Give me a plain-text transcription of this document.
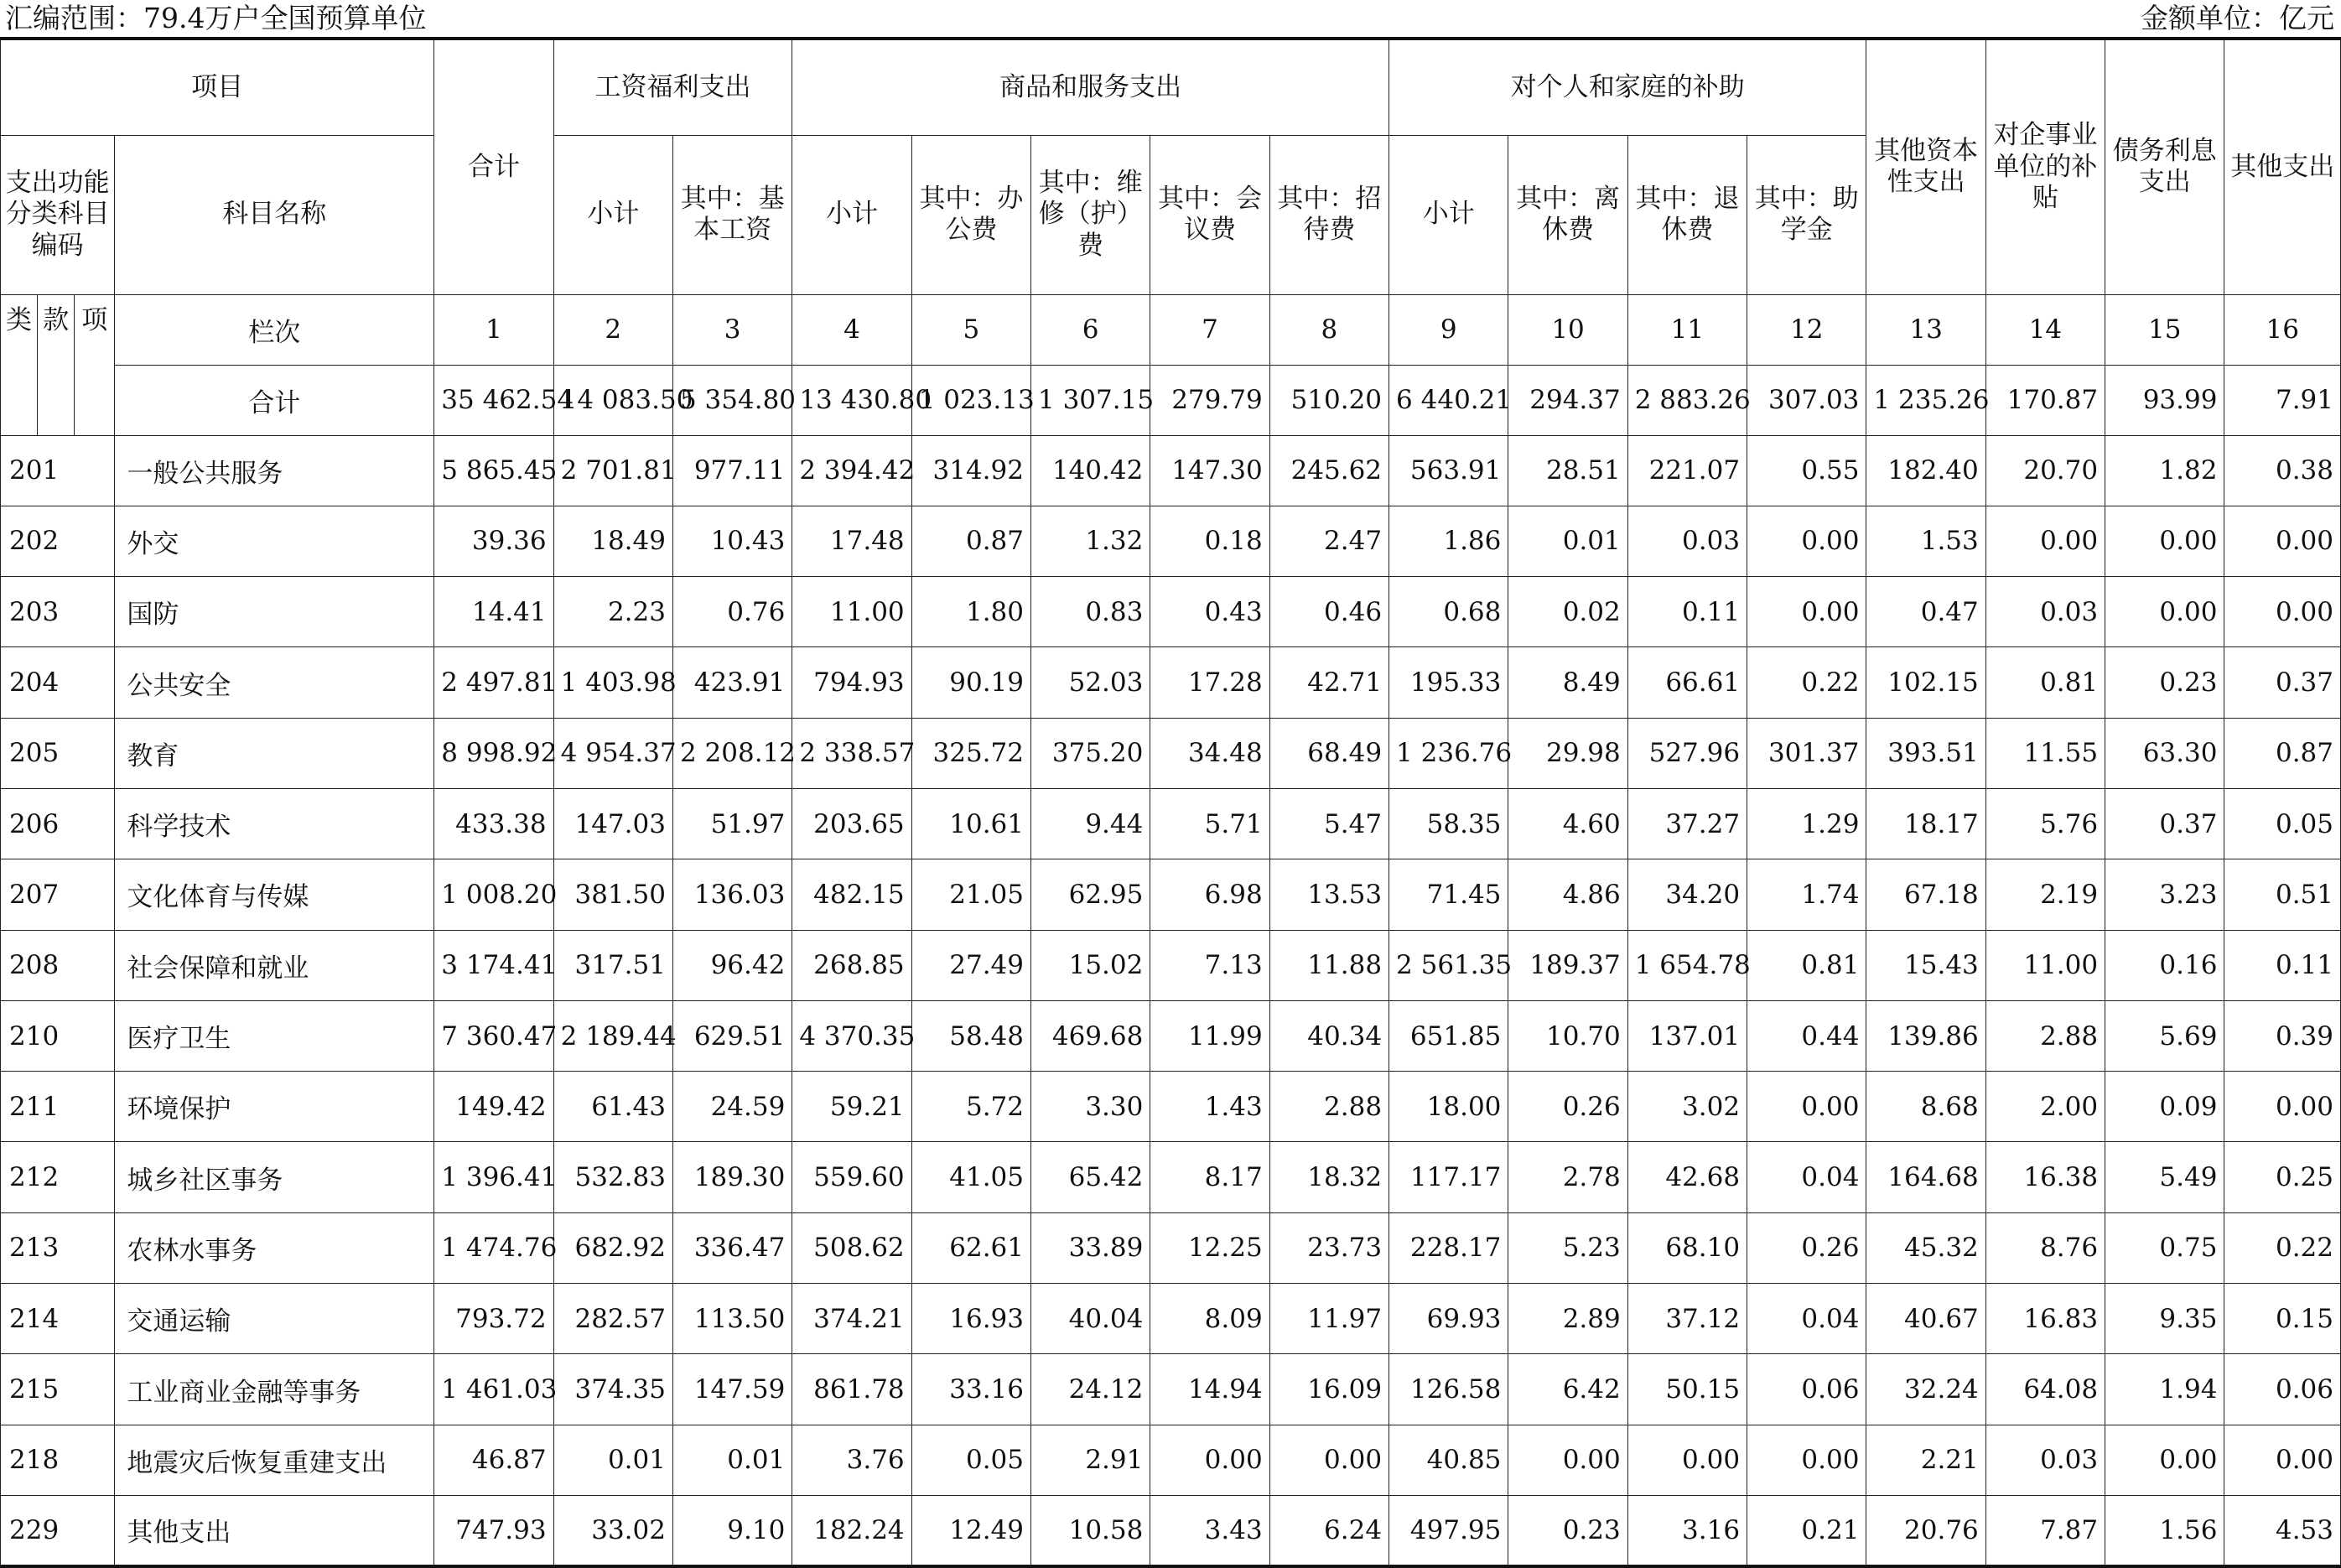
汇编范围：79.4万户全国预算单位	金额单位：亿元
项目				合计	工资福利支出		商品和服务支出					对个人和家庭的补助				其他资本性支出	对企事业单位的补贴	债务利息支出	其他支出
支出功能分类科目编码			科目名称		小计	其中：基本工资	小计	其中：办公费	其中：维修（护）费	其中：会议费	其中：招待费	小计	其中：离休费	其中：退休费	其中：助学金				
类	款	项	栏次	1	2	3	4	5	6	7	8	9	10	11	12	13	14	15	16
			合计	35 462.54	14 083.50	5 354.80	13 430.80	1 023.13	1 307.15	279.79	510.20	6 440.21	294.37	2 883.26	307.03	1 235.26	170.87	93.99	7.91
201			一般公共服务	5 865.45	2 701.81	977.11	2 394.42	314.92	140.42	147.30	245.62	563.91	28.51	221.07	0.55	182.40	20.70	1.82	0.38
202			外交	39.36	18.49	10.43	17.48	0.87	1.32	0.18	2.47	1.86	0.01	0.03	0.00	1.53	0.00	0.00	0.00
203			国防	14.41	2.23	0.76	11.00	1.80	0.83	0.43	0.46	0.68	0.02	0.11	0.00	0.47	0.03	0.00	0.00
204			公共安全	2 497.81	1 403.98	423.91	794.93	90.19	52.03	17.28	42.71	195.33	8.49	66.61	0.22	102.15	0.81	0.23	0.37
205			教育	8 998.92	4 954.37	2 208.12	2 338.57	325.72	375.20	34.48	68.49	1 236.76	29.98	527.96	301.37	393.51	11.55	63.30	0.87
206			科学技术	433.38	147.03	51.97	203.65	10.61	9.44	5.71	5.47	58.35	4.60	37.27	1.29	18.17	5.76	0.37	0.05
207			文化体育与传媒	1 008.20	381.50	136.03	482.15	21.05	62.95	6.98	13.53	71.45	4.86	34.20	1.74	67.18	2.19	3.23	0.51
208			社会保障和就业	3 174.41	317.51	96.42	268.85	27.49	15.02	7.13	11.88	2 561.35	189.37	1 654.78	0.81	15.43	11.00	0.16	0.11
210			医疗卫生	7 360.47	2 189.44	629.51	4 370.35	58.48	469.68	11.99	40.34	651.85	10.70	137.01	0.44	139.86	2.88	5.69	0.39
211			环境保护	149.42	61.43	24.59	59.21	5.72	3.30	1.43	2.88	18.00	0.26	3.02	0.00	8.68	2.00	0.09	0.00
212			城乡社区事务	1 396.41	532.83	189.30	559.60	41.05	65.42	8.17	18.32	117.17	2.78	42.68	0.04	164.68	16.38	5.49	0.25
213			农林水事务	1 474.76	682.92	336.47	508.62	62.61	33.89	12.25	23.73	228.17	5.23	68.10	0.26	45.32	8.76	0.75	0.22
214			交通运输	793.72	282.57	113.50	374.21	16.93	40.04	8.09	11.97	69.93	2.89	37.12	0.04	40.67	16.83	9.35	0.15
215			工业商业金融等事务	1 461.03	374.35	147.59	861.78	33.16	24.12	14.94	16.09	126.58	6.42	50.15	0.06	32.24	64.08	1.94	0.06
218			地震灾后恢复重建支出	46.87	0.01	0.01	3.76	0.05	2.91	0.00	0.00	40.85	0.00	0.00	0.00	2.21	0.03	0.00	0.00
229			其他支出	747.93	33.02	9.10	182.24	12.49	10.58	3.43	6.24	497.95	0.23	3.16	0.21	20.76	7.87	1.56	4.53
